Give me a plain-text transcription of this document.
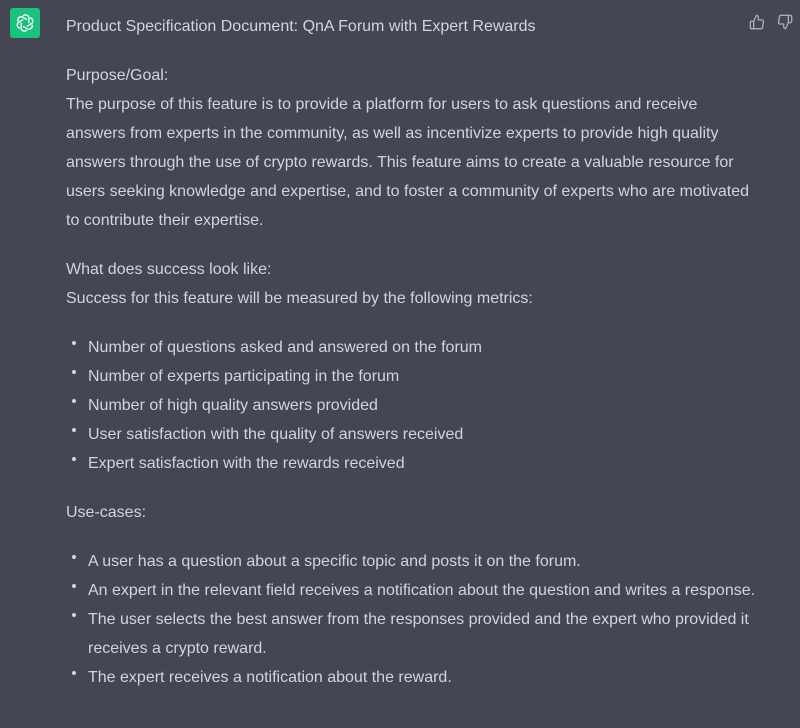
Product Specification Document: QnA Forum with Expert Rewards

Purpose/Goal:

The purpose of this feature is to provide a platform for users to ask questions and receive answers from experts in the community, as well as incentivize experts to provide high quality answers through the use of crypto rewards. This feature aims to create a valuable resource for users seeking knowledge and expertise, and to foster a community of experts who are motivated to contribute their expertise.

What does success look like:

Success for this feature will be measured by the following metrics:

Number of questions asked and answered on the forum
Number of experts participating in the forum
Number of high quality answers provided
User satisfaction with the quality of answers received
Expert satisfaction with the rewards received

Use-cases:

A user has a question about a specific topic and posts it on the forum.
An expert in the relevant field receives a notification about the question and writes a response.
The user selects the best answer from the responses provided and the expert who provided it receives a crypto reward.
The expert receives a notification about the reward.
